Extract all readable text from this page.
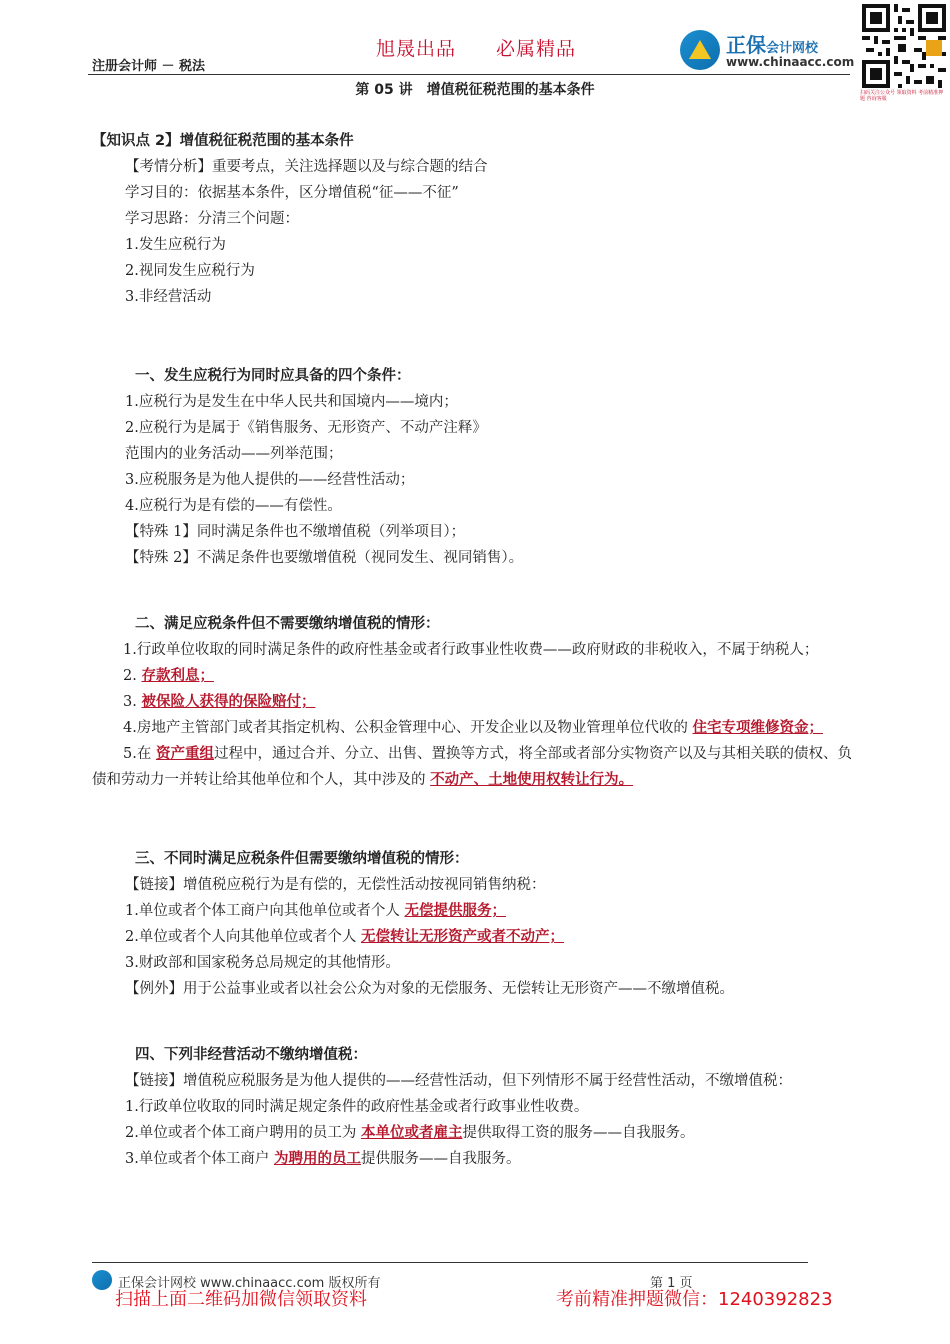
旭晟出品 必属精品
注册会计师 － 税法
正保会计网校
www.chinaacc.com
扫码关注公众号 领取资料 考前精准押题 咨询客服
第 05 讲　增值税征税范围的基本条件
【知识点 2】增值税征税范围的基本条件
【考情分析】重要考点，关注选择题以及与综合题的结合
学习目的：依据基本条件，区分增值税“征——不征”
学习思路：分清三个问题：
1.发生应税行为
2.视同发生应税行为
3.非经营活动
一、发生应税行为同时应具备的四个条件：
1.应税行为是发生在中华人民共和国境内——境内；
2.应税行为是属于《销售服务、无形资产、不动产注释》
范围内的业务活动——列举范围；
3.应税服务是为他人提供的——经营性活动；
4.应税行为是有偿的——有偿性。
【特殊 1】同时满足条件也不缴增值税（列举项目）；
【特殊 2】不满足条件也要缴增值税（视同发生、视同销售）。
二、满足应税条件但不需要缴纳增值税的情形：
1.行政单位收取的同时满足条件的政府性基金或者行政事业性收费——政府财政的非税收入，不属于纳税人；
2. 存款利息；
3. 被保险人获得的保险赔付；
4.房地产主管部门或者其指定机构、公积金管理中心、开发企业以及物业管理单位代收的 住宅专项维修资金；
5.在 资产重组过程中，通过合并、分立、出售、置换等方式，将全部或者部分实物资产以及与其相关联的债权、负债和劳动力一并转让给其他单位和个人，其中涉及的 不动产、土地使用权转让行为。
三、不同时满足应税条件但需要缴纳增值税的情形：
【链接】增值税应税行为是有偿的，无偿性活动按视同销售纳税：
1.单位或者个体工商户向其他单位或者个人 无偿提供服务；
2.单位或者个人向其他单位或者个人 无偿转让无形资产或者不动产；
3.财政部和国家税务总局规定的其他情形。
【例外】用于公益事业或者以社会公众为对象的无偿服务、无偿转让无形资产——不缴增值税。
四、下列非经营活动不缴纳增值税：
【链接】增值税应税服务是为他人提供的——经营性活动，但下列情形不属于经营性活动，不缴增值税：
1.行政单位收取的同时满足规定条件的政府性基金或者行政事业性收费。
2.单位或者个体工商户聘用的员工为 本单位或者雇主提供取得工资的服务——自我服务。
3.单位或者个体工商户 为聘用的员工提供服务——自我服务。
正保会计网校 www.chinaacc.com 版权所有	第 1 页
扫描上面二维码加微信领取资料	考前精准押题微信：1240392823
